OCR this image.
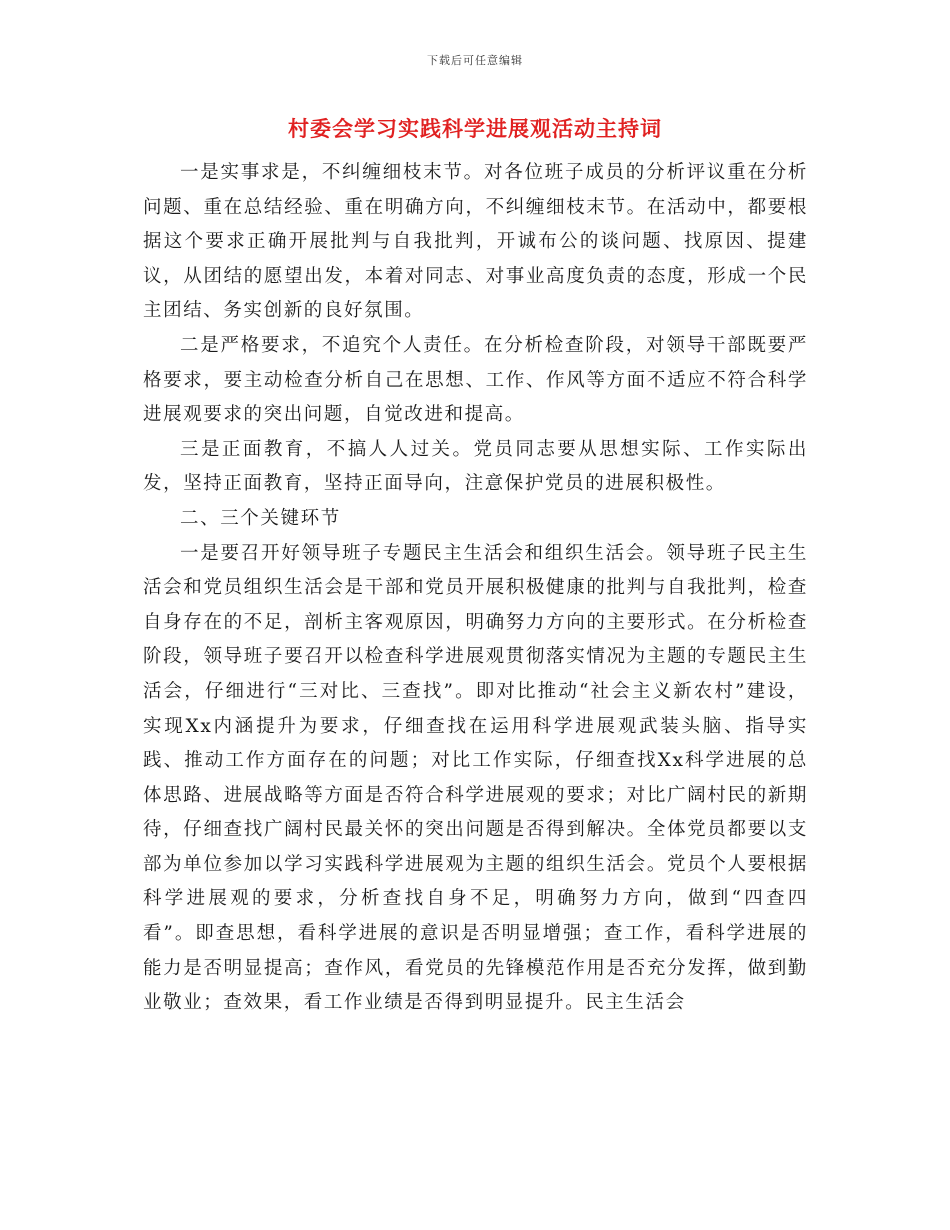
下载后可任意编辑
村委会学习实践科学进展观活动主持词

一是实事求是，不纠缠细枝末节。对各位班子成员的分析评议重在分析问题、重在总结经验、重在明确方向，不纠缠细枝末节。在活动中，都要根据这个要求正确开展批判与自我批判，开诚布公的谈问题、找原因、提建议，从团结的愿望出发，本着对同志、对事业高度负责的态度，形成一个民主团结、务实创新的良好氛围。

二是严格要求，不追究个人责任。在分析检查阶段，对领导干部既要严格要求，要主动检查分析自己在思想、工作、作风等方面不适应不符合科学进展观要求的突出问题，自觉改进和提高。

三是正面教育，不搞人人过关。党员同志要从思想实际、工作实际出发，坚持正面教育，坚持正面导向，注意保护党员的进展积极性。

二、三个关键环节

一是要召开好领导班子专题民主生活会和组织生活会。领导班子民主生活会和党员组织生活会是干部和党员开展积极健康的批判与自我批判，检查自身存在的不足，剖析主客观原因，明确努力方向的主要形式。在分析检查阶段，领导班子要召开以检查科学进展观贯彻落实情况为主题的专题民主生活会，仔细进行“三对比、三查找”。即对比推动“社会主义新农村”建设，实现Xx内涵提升为要求，仔细查找在运用科学进展观武装头脑、指导实践、推动工作方面存在的问题；对比工作实际，仔细查找Xx科学进展的总体思路、进展战略等方面是否符合科学进展观的要求；对比广阔村民的新期待，仔细查找广阔村民最关怀的突出问题是否得到解决。全体党员都要以支部为单位参加以学习实践科学进展观为主题的组织生活会。党员个人要根据科学进展观的要求，分析查找自身不足，明确努力方向，做到“四查四看”。即查思想，看科学进展的意识是否明显增强；查工作，看科学进展的能力是否明显提高；查作风，看党员的先锋模范作用是否充分发挥，做到勤业敬业；查效果，看工作业绩是否得到明显提升。民主生活会
